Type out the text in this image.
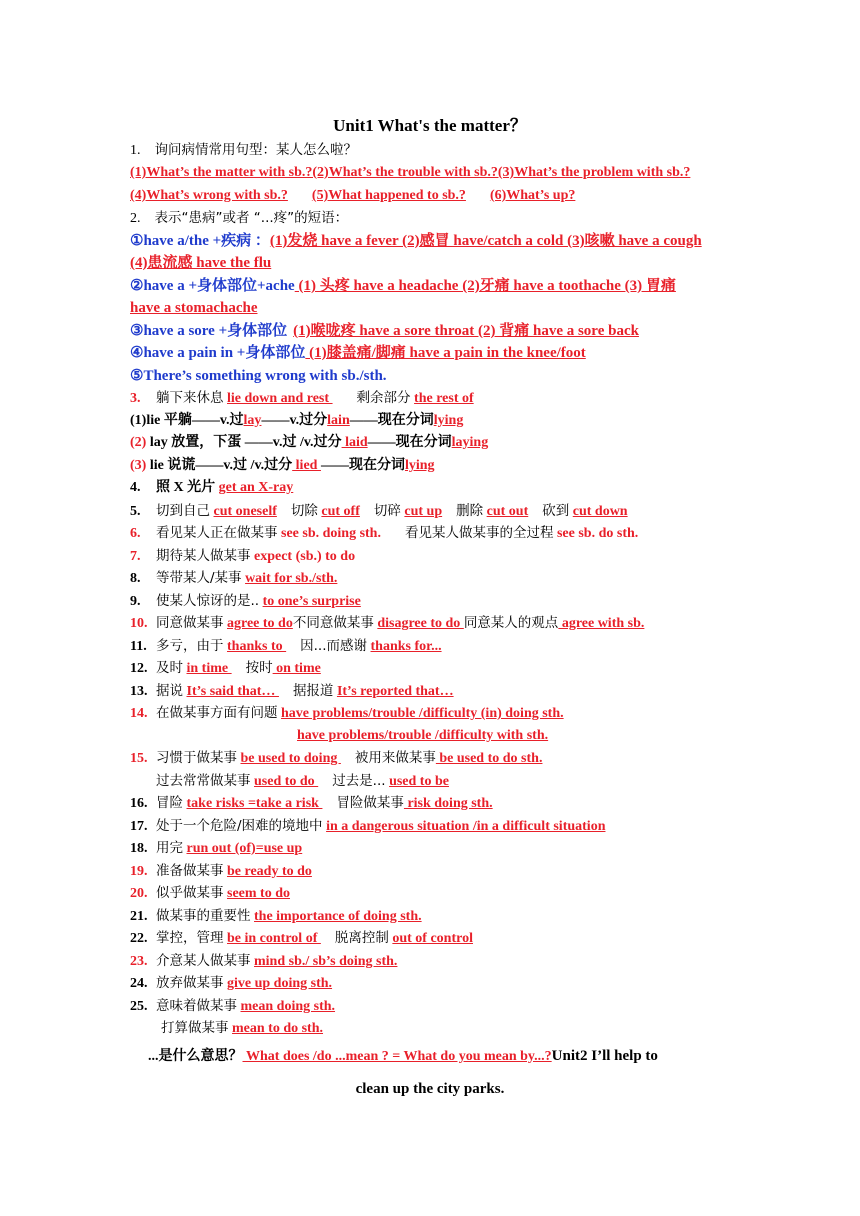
Unit1 What's the matter？
1. 询问病情常用句型：某人怎么啦？
(1)What’s the matter with sb.?(2)What’s the trouble with sb.?(3)What’s the problem with sb.?
(4)What’s wrong with sb.? (5)What happened to sb.? (6)What’s up?
2. 表示“患病”或者 “...疼”的短语：
①have a/the +疾病 ：(1)发烧 have a fever (2)感冒 have/catch a cold (3)咳嗽 have a cough
(4)患流感 have the flu
②have a +身体部位+ache (1) 头疼 have a headache (2)牙痛 have a toothache (3) 胃痛
have a stomachache
③have a sore +身体部位 (1)喉咙疼 have a sore throat (2) 背痛 have a sore back
④have a pain in +身体部位 (1)膝盖痛/脚痛 have a pain in the knee/foot
⑤There’s something wrong with sb./sth.
3. 躺下来休息 lie down and rest 剩余部分 the rest of
(1)lie 平躺——v.过lay——v.过分lain——现在分词lying
(2) lay 放置，下蛋 ——v.过 /v.过分 laid——现在分词laying
(3) lie 说谎——v.过 /v.过分 lied ——现在分词lying
4. 照 X 光片 get an X-ray
5. 切到自己 cut oneself 切除 cut off 切碎 cut up 删除 cut out 砍到 cut down
6. 看见某人正在做某事 see sb. doing sth. 看见某人做某事的全过程 see sb. do sth.
7. 期待某人做某事 expect (sb.) to do
8. 等带某人/某事 wait for sb./sth.
9. 使某人惊讶的是.. to one’s surprise
10. 同意做某事 agree to do不同意做某事 disagree to do 同意某人的观点 agree with sb.
11. 多亏，由于 thanks to 因...而感谢 thanks for...
12. 及时 in time 按时 on time
13. 据说 It’s said that… 据报道 It’s reported that…
14. 在做某事方面有问题 have problems/trouble /difficulty (in) doing sth.
have problems/trouble /difficulty with sth.
15. 习惯于做某事 be used to doing 被用来做某事 be used to do sth.
过去常常做某事 used to do 过去是... used to be
16. 冒险 take risks =take a risk 冒险做某事 risk doing sth.
17. 处于一个危险/困难的境地中 in a dangerous situation /in a difficult situation
18. 用完 run out (of)=use up
19. 准备做某事 be ready to do
20. 似乎做某事 seem to do
21. 做某事的重要性 the importance of doing sth.
22. 掌控，管理 be in control of 脱离控制 out of control
23. 介意某人做某事 mind sb./ sb’s doing sth.
24. 放弃做某事 give up doing sth.
25. 意味着做某事 mean doing sth.
打算做某事 mean to do sth.
...是什么意思？ What does /do ...mean ? = What do you mean by...?Unit2 I’ll help to
clean up the city parks.
